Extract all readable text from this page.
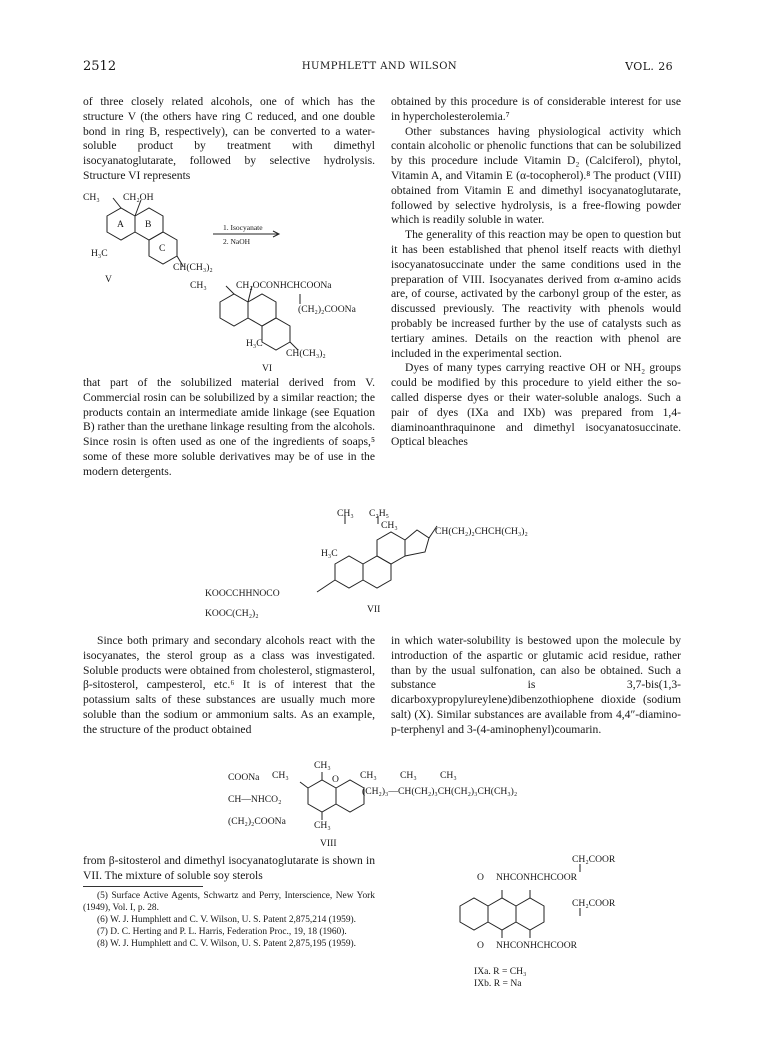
2512	HUMPHLETT AND WILSON	VOL. 26

of three closely related alcohols, one of which has the structure V (the others have ring C reduced, and one double bond in ring B, respectively), can be converted to a water-soluble product by treatment with dimethyl isocyanatoglutarate, followed by selective hydrolysis. Structure VI represents

CH₃ CH₂OH
A B
C
H₃C
CH(CH₃)₂
1. Isocyanate
2. NaOH
V
CH₃	CH₂OCONHCHCOONa
(CH₂)₂COONa
H₃C
CH(CH₃)₂
VI

that part of the solubilized material derived from V. Commercial rosin can be solubilized by a similar reaction; the products contain an intermediate amide linkage (see Equation B) rather than the urethane linkage resulting from the alcohols. Since rosin is often used as one of the ingredients of soaps,⁵ some of these more soluble derivatives may be of use in the modern detergents.

obtained by this procedure is of considerable interest for use in hypercholesterolemia.⁷

Other substances having physiological activity which contain alcoholic or phenolic functions that can be solubilized by this procedure include Vitamin D₂ (Calciferol), phytol, Vitamin A, and Vitamin E (α-tocopherol).⁸ The product (VIII) obtained from Vitamin E and dimethyl isocyanatoglutarate, followed by selective hydrolysis, is a free-flowing powder which is readily soluble in water.

The generality of this reaction may be open to question but it has been established that phenol itself reacts with diethyl isocyanatosuccinate under the same conditions used in the preparation of VIII. Isocyanates derived from α-amino acids are, of course, activated by the carbonyl group of the ester, as discussed previously. The reactivity with phenols would probably be increased further by the use of catalysts such as tertiary amines. Details on the reaction with phenol are included in the experimental section.

Dyes of many types carrying reactive OH or NH₂ groups could be modified by this procedure to yield either the so-called disperse dyes or their water-soluble analogs. Such a pair of dyes (IXa and IXb) was prepared from 1,4-diaminoanthraquinone and dimethyl isocyanatosuccinate. Optical bleaches

CH₃ C₂H₅
CH₃
CH(CH₂)₂CHCH(CH₃)₂
H₃C
KOOCCHHNOCO
KOOC(CH₂)₂	VII

Since both primary and secondary alcohols react with the isocyanates, the sterol group as a class was investigated. Soluble products were obtained from cholesterol, stigmasterol, β-sitosterol, campesterol, etc.⁶ It is of interest that the potassium salts of these substances are usually much more soluble than the sodium or ammonium salts. As an example, the structure of the product obtained

in which water-solubility is bestowed upon the molecule by introduction of the aspartic or glutamic acid residue, rather than by the usual sulfonation, can also be obtained. Such a substance is 3,7-bis(1,3-dicarboxypropylureylene)dibenzothiophene dioxide (sodium salt) (X). Similar substances are available from 4,4″-diamino-p-terphenyl and 3-(4-aminophenyl)coumarin.

CH₃
COONa CH₃	O CH₃ CH₃ CH₃
(CH₂)₃—CH(CH₂)₃CH(CH₂)₃CH(CH₃)₂
CH—NHCO₂
(CH₂)₂COONa	CH₃
VIII

from β-sitosterol and dimethyl isocyanatoglutarate is shown in VII. The mixture of soluble soy sterols

(5) Surface Active Agents, Schwartz and Perry, Interscience, New York (1949), Vol. I, p. 28.

(6) W. J. Humphlett and C. V. Wilson, U. S. Patent 2,875,214 (1959).

(7) D. C. Herting and P. L. Harris, Federation Proc., 19, 18 (1960).

(8) W. J. Humphlett and C. V. Wilson, U. S. Patent 2,875,195 (1959).

CH₂COOR
O NHCONHCHCOOR
CH₂COOR
O NHCONHCHCOOR
IXa. R = CH₃
IXb. R = Na
